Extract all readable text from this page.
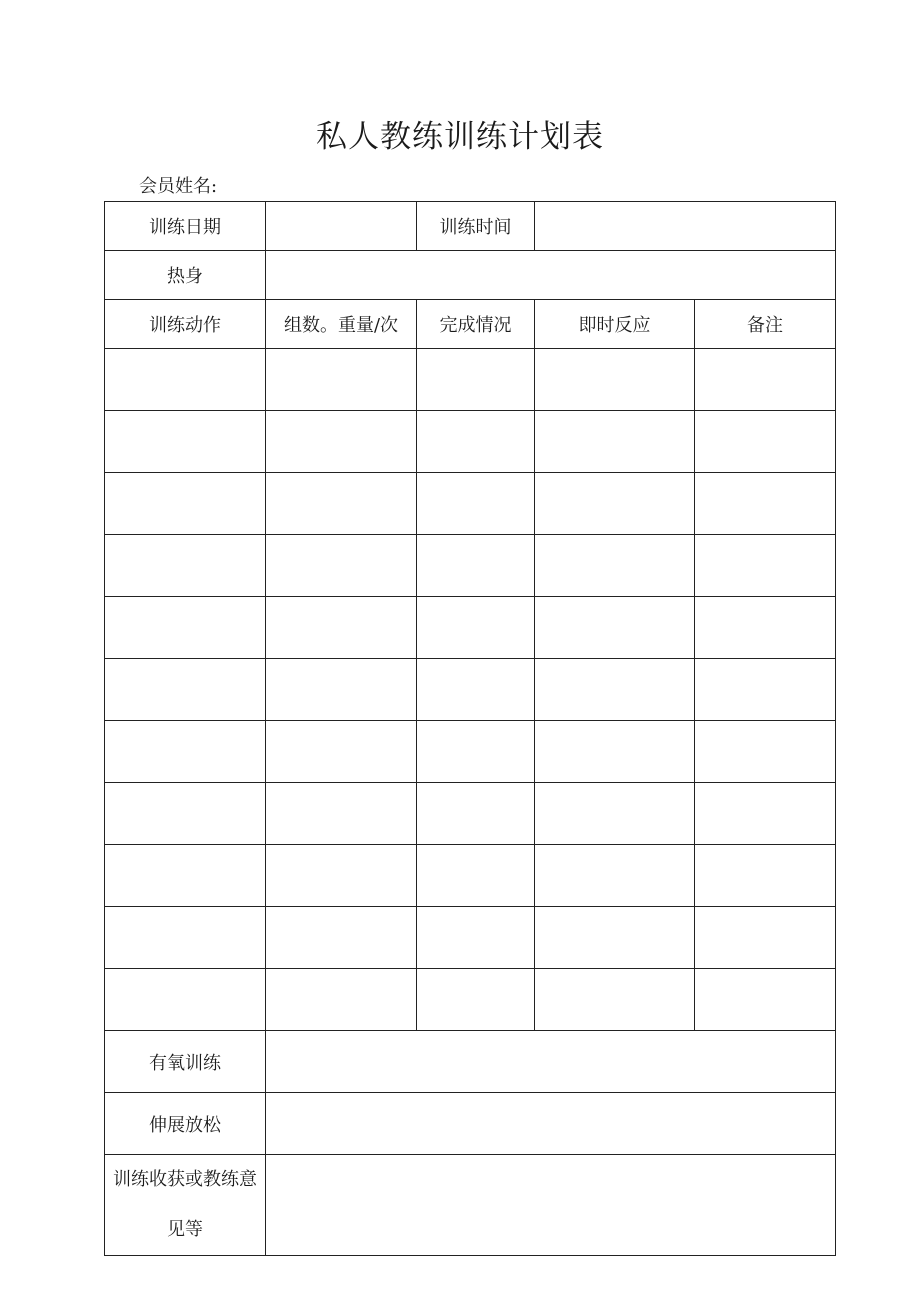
私人教练训练计划表
会员姓名:
训练日期		训练时间		
热身				
训练动作	组数。重量/次	完成情况	即时反应	备注

有氧训练				
伸展放松				
训练收获或教练意见等				
